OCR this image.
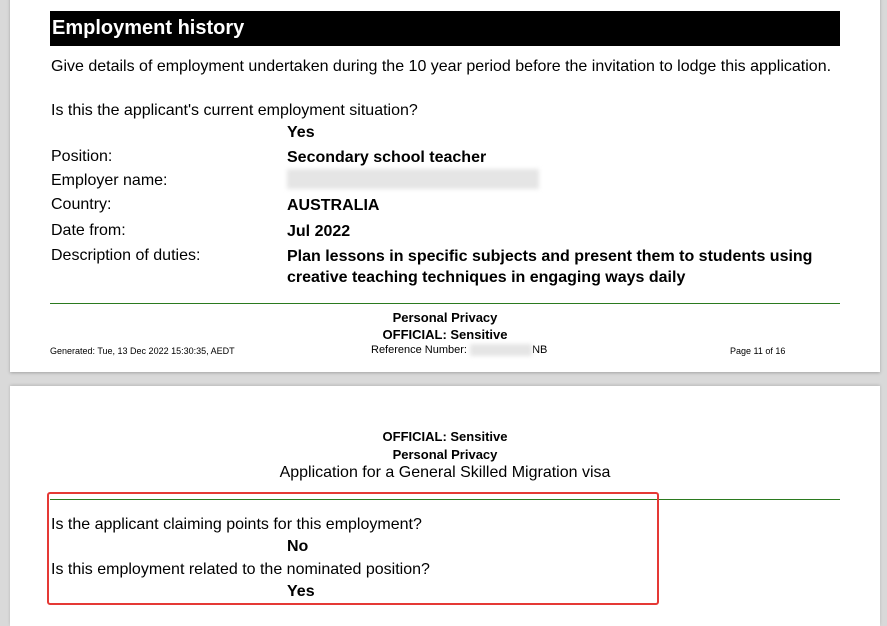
Employment history
Give details of employment undertaken during the 10 year period before the invitation to lodge this application.
Is this the applicant's current employment situation?
Yes
Position:	Secondary school teacher
Employer name:
Country:	AUSTRALIA
Date from:	Jul 2022
Description of duties:	Plan lessons in specific subjects and present them to students using creative teaching techniques in engaging ways daily
Personal Privacy
OFFICIAL: Sensitive
Generated: Tue, 13 Dec 2022 15:30:35, AEDT	Reference Number:	NB	Page 11 of 16
OFFICIAL: Sensitive
Personal Privacy
Application for a General Skilled Migration visa
Is the applicant claiming points for this employment?
No
Is this employment related to the nominated position?
Yes
